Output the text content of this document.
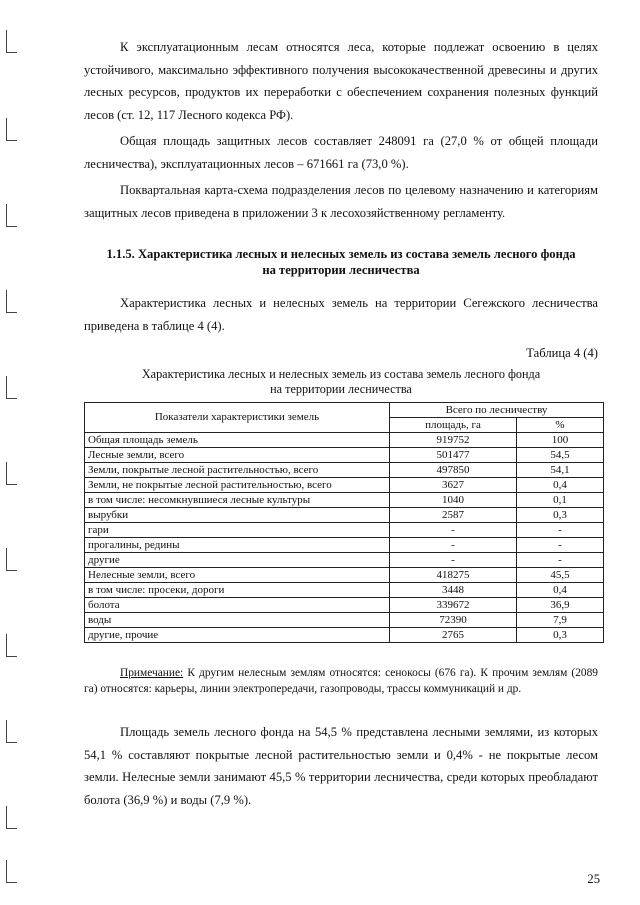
К эксплуатационным лесам относятся леса, которые подлежат освоению в целях устойчивого, максимально эффективного получения высококачественной древесины и других лесных ресурсов, продуктов их переработки с обеспечением сохранения полезных функций лесов (ст. 12, 117 Лесного кодекса РФ).

Общая площадь защитных лесов составляет 248091 га (27,0 % от общей площади лесничества), эксплуатационных лесов – 671661 га (73,0 %).

Поквартальная карта-схема подразделения лесов по целевому назначению и категориям защитных лесов приведена в приложении 3 к лесохозяйственному регламенту.

1.1.5. Характеристика лесных и нелесных земель из состава земель лесного фонда
на территории лесничества

Характеристика лесных и нелесных земель на территории Сегежского лесничества приведена в таблице 4 (4).

Таблица 4 (4)
Характеристика лесных и нелесных земель из состава земель лесного фонда
на территории лесничества
Показатели характеристики земель	Всего по лесничеству	
	площадь, га	%
Общая площадь земель	919752	100
Лесные земли, всего	501477	54,5
Земли, покрытые лесной растительностью, всего	497850	54,1
Земли, не покрытые лесной растительностью, всего	3627	0,4
в том числе: несомкнувшиеся лесные культуры	1040	0,1
вырубки	2587	0,3
гари	-	-
прогалины, редины	-	-
другие	-	-
Нелесные земли, всего	418275	45,5
в том числе: просеки, дороги	3448	0,4
болота	339672	36,9
воды	72390	7,9
другие, прочие	2765	0,3
Примечание: К другим нелесным землям относятся: сенокосы (676 га). К прочим землям (2089 га) относятся: карьеры, линии электропередачи, газопроводы, трассы коммуникаций и др.

Площадь земель лесного фонда на 54,5 % представлена лесными землями, из которых 54,1 % составляют покрытые лесной растительностью земли и 0,4% - не покрытые лесом земли. Нелесные земли занимают 45,5 % территории лесничества, среди которых преобладают болота (36,9 %) и воды (7,9 %).

25
